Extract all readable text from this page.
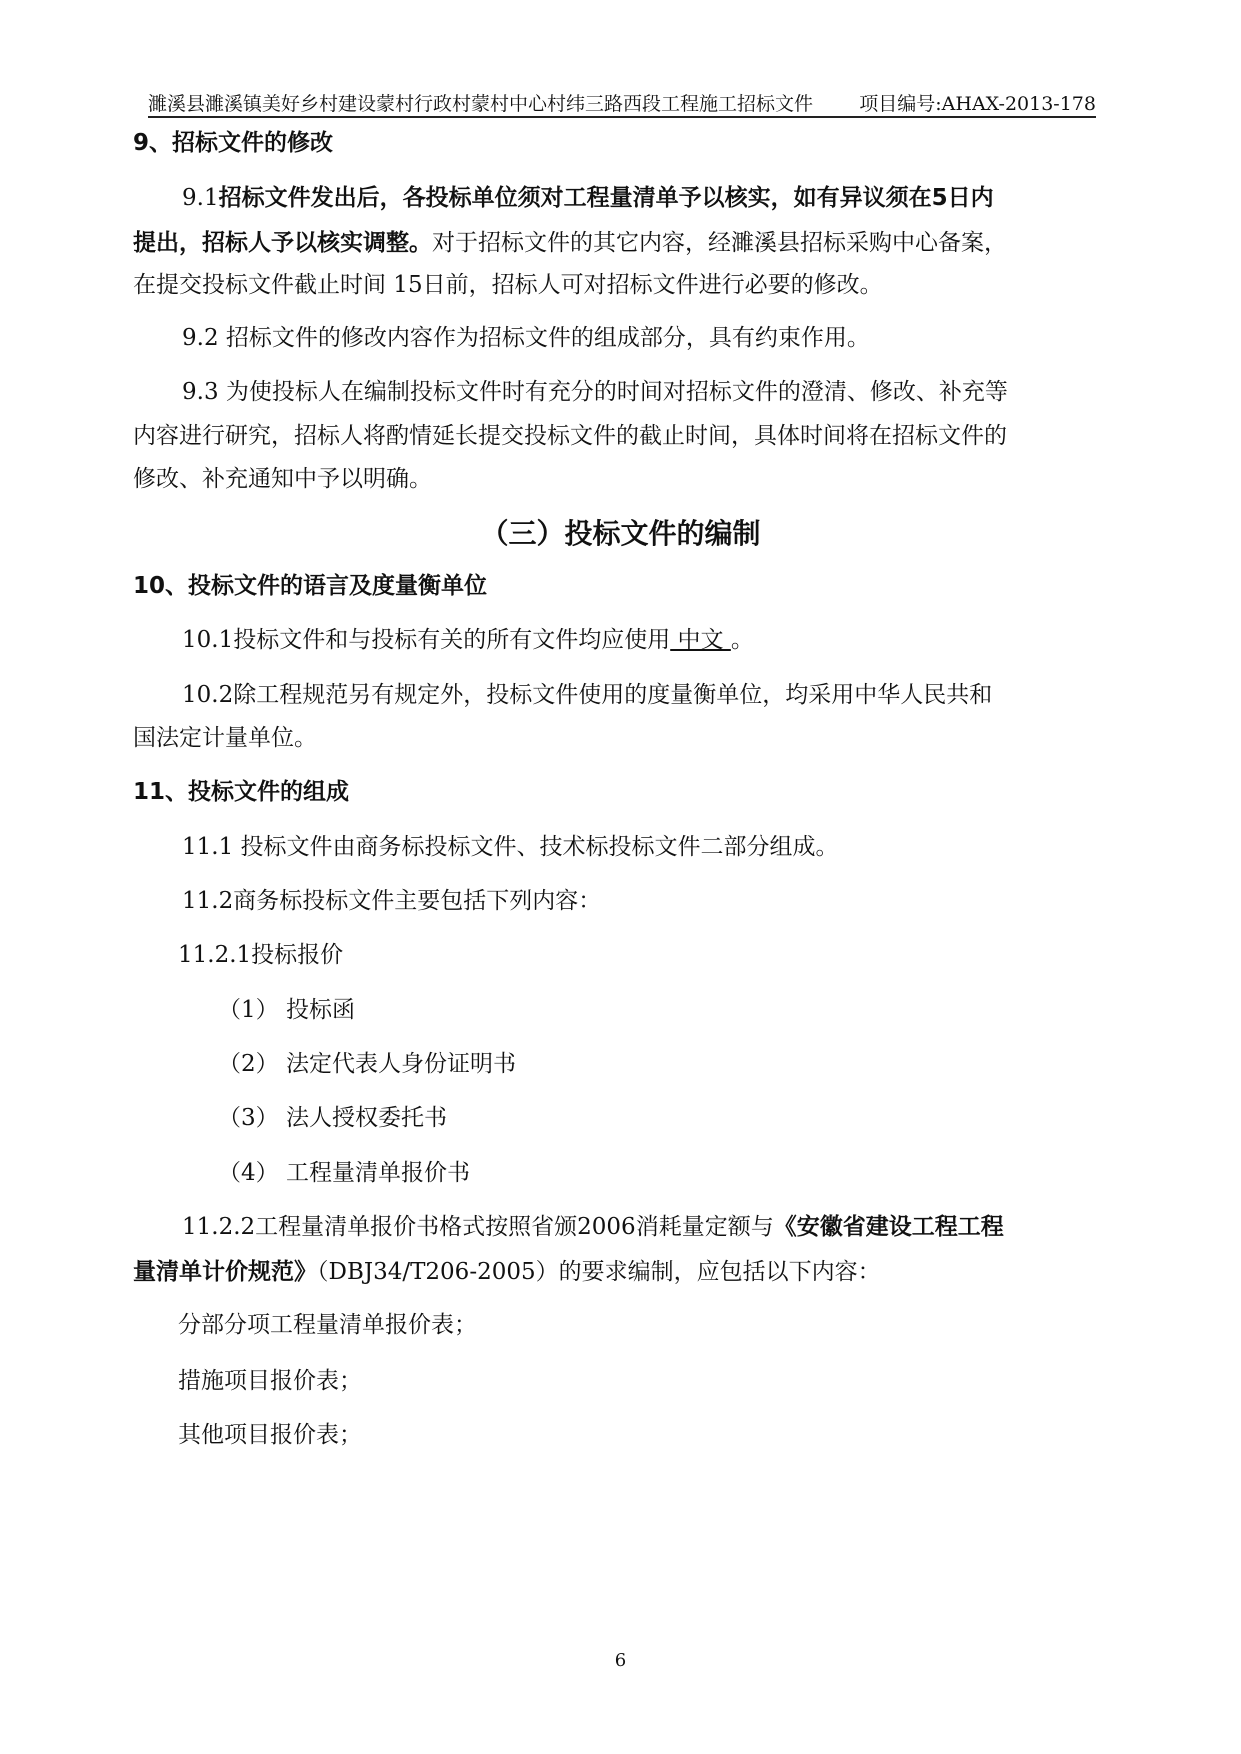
濉溪县濉溪镇美好乡村建设蒙村行政村蒙村中心村纬三路西段工程施工招标文件 项目编号:AHAX-2013-178
9、招标文件的修改
9.1招标文件发出后，各投标单位须对工程量清单予以核实，如有异议须在5日内
提出，招标人予以核实调整。对于招标文件的其它内容，经濉溪县招标采购中心备案，
在提交投标文件截止时间 15日前，招标人可对招标文件进行必要的修改。
9.2 招标文件的修改内容作为招标文件的组成部分，具有约束作用。
9.3 为使投标人在编制投标文件时有充分的时间对招标文件的澄清、修改、补充等
内容进行研究，招标人将酌情延长提交投标文件的截止时间，具体时间将在招标文件的
修改、补充通知中予以明确。
（三）投标文件的编制
10、投标文件的语言及度量衡单位
10.1投标文件和与投标有关的所有文件均应使用 中文 。
10.2除工程规范另有规定外，投标文件使用的度量衡单位，均采用中华人民共和
国法定计量单位。
11、投标文件的组成
11.1 投标文件由商务标投标文件、技术标投标文件二部分组成。
11.2商务标投标文件主要包括下列内容：
11.2.1投标报价
（1） 投标函
（2） 法定代表人身份证明书
（3） 法人授权委托书
（4） 工程量清单报价书
11.2.2工程量清单报价书格式按照省颁2006消耗量定额与《安徽省建设工程工程
量清单计价规范》（DBJ34/T206-2005）的要求编制，应包括以下内容：
分部分项工程量清单报价表；
措施项目报价表；
其他项目报价表；
6
